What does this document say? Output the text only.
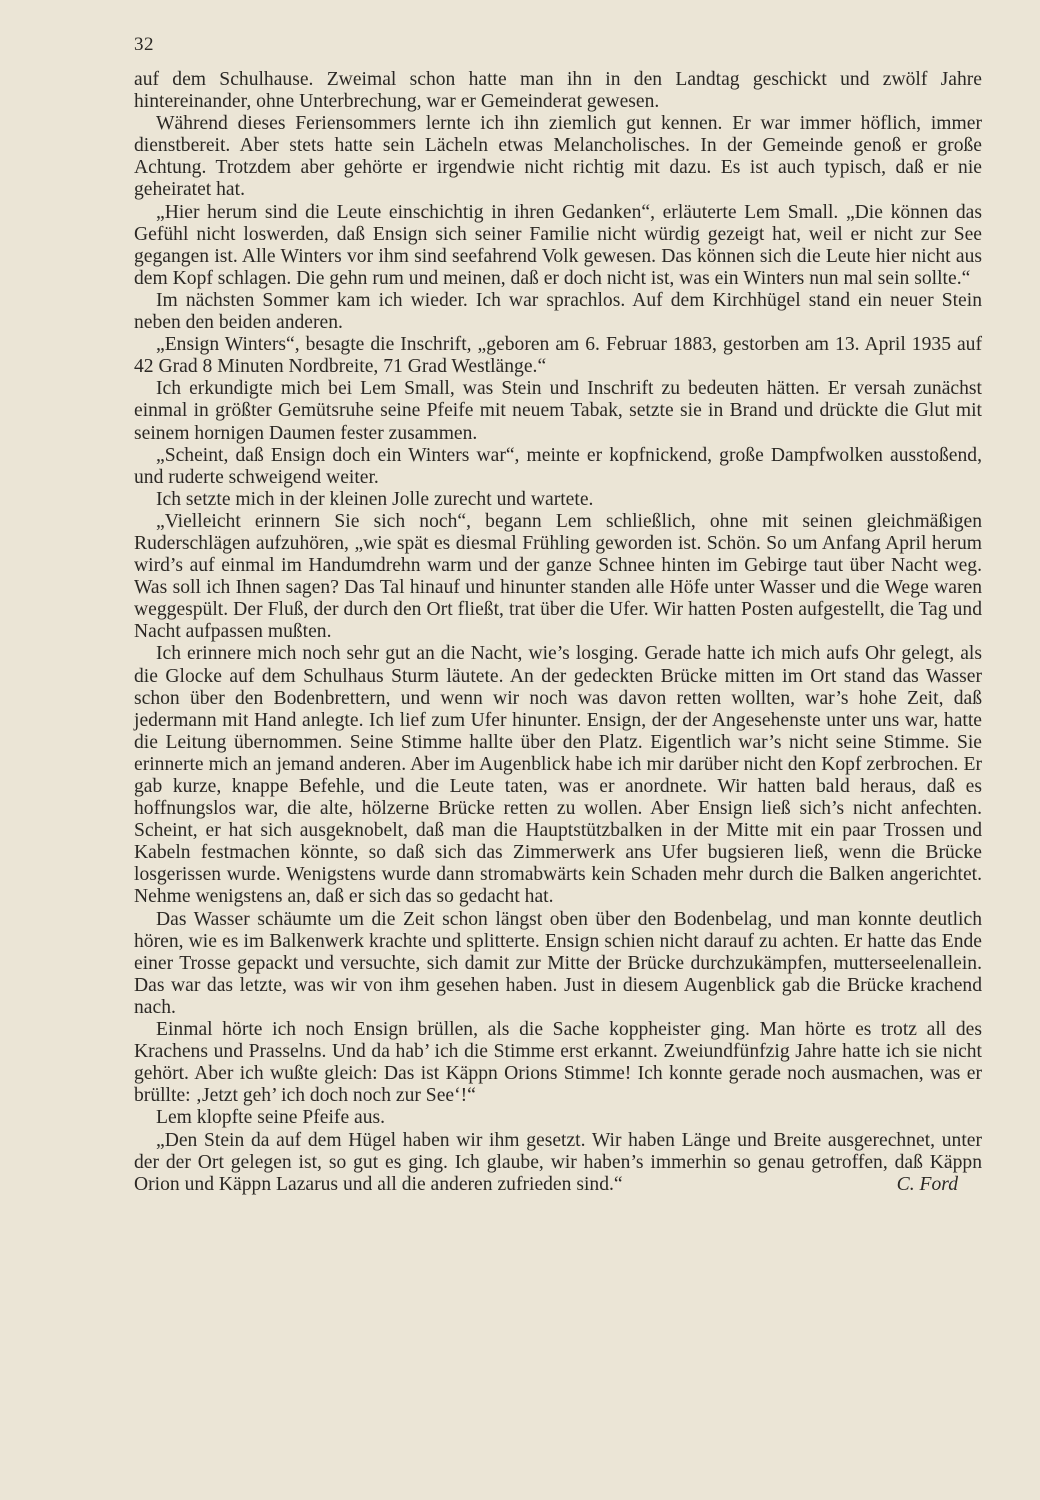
32

auf dem Schulhause. Zweimal schon hatte man ihn in den Landtag geschickt und zwölf Jahre hintereinander, ohne Unterbrechung, war er Gemeinderat gewesen.

Während dieses Feriensommers lernte ich ihn ziemlich gut kennen. Er war immer höflich, immer dienstbereit. Aber stets hatte sein Lächeln etwas Melancholisches. In der Gemeinde genoß er große Achtung. Trotzdem aber gehörte er irgendwie nicht richtig mit dazu. Es ist auch typisch, daß er nie geheiratet hat.

„Hier herum sind die Leute einschichtig in ihren Gedanken“, erläuterte Lem Small. „Die können das Gefühl nicht loswerden, daß Ensign sich seiner Familie nicht würdig gezeigt hat, weil er nicht zur See gegangen ist. Alle Winters vor ihm sind seefahrend Volk gewesen. Das können sich die Leute hier nicht aus dem Kopf schlagen. Die gehn rum und meinen, daß er doch nicht ist, was ein Winters nun mal sein sollte.“

Im nächsten Sommer kam ich wieder. Ich war sprachlos. Auf dem Kirchhügel stand ein neuer Stein neben den beiden anderen.

„Ensign Winters“, besagte die Inschrift, „geboren am 6. Februar 1883, gestorben am 13. April 1935 auf 42 Grad 8 Minuten Nordbreite, 71 Grad Westlänge.“

Ich erkundigte mich bei Lem Small, was Stein und Inschrift zu bedeuten hätten. Er versah zunächst einmal in größter Gemütsruhe seine Pfeife mit neuem Tabak, setzte sie in Brand und drückte die Glut mit seinem hornigen Daumen fester zusammen.

„Scheint, daß Ensign doch ein Winters war“, meinte er kopfnickend, große Dampfwolken ausstoßend, und ruderte schweigend weiter.

Ich setzte mich in der kleinen Jolle zurecht und wartete.

„Vielleicht erinnern Sie sich noch“, begann Lem schließlich, ohne mit seinen gleichmäßigen Ruderschlägen aufzuhören, „wie spät es diesmal Frühling geworden ist. Schön. So um Anfang April herum wird’s auf einmal im Handumdrehn warm und der ganze Schnee hinten im Gebirge taut über Nacht weg. Was soll ich Ihnen sagen? Das Tal hinauf und hinunter standen alle Höfe unter Wasser und die Wege waren weggespült. Der Fluß, der durch den Ort fließt, trat über die Ufer. Wir hatten Posten aufgestellt, die Tag und Nacht aufpassen mußten.

Ich erinnere mich noch sehr gut an die Nacht, wie’s losging. Gerade hatte ich mich aufs Ohr gelegt, als die Glocke auf dem Schulhaus Sturm läutete. An der gedeckten Brücke mitten im Ort stand das Wasser schon über den Bodenbrettern, und wenn wir noch was davon retten wollten, war’s hohe Zeit, daß jedermann mit Hand anlegte. Ich lief zum Ufer hinunter. Ensign, der der Angesehenste unter uns war, hatte die Leitung übernommen. Seine Stimme hallte über den Platz. Eigentlich war’s nicht seine Stimme. Sie erinnerte mich an jemand anderen. Aber im Augenblick habe ich mir darüber nicht den Kopf zerbrochen. Er gab kurze, knappe Befehle, und die Leute taten, was er anordnete. Wir hatten bald heraus, daß es hoffnungslos war, die alte, hölzerne Brücke retten zu wollen. Aber Ensign ließ sich’s nicht anfechten. Scheint, er hat sich ausgeknobelt, daß man die Hauptstützbalken in der Mitte mit ein paar Trossen und Kabeln festmachen könnte, so daß sich das Zimmerwerk ans Ufer bugsieren ließ, wenn die Brücke losgerissen wurde. Wenigstens wurde dann stromabwärts kein Schaden mehr durch die Balken angerichtet. Nehme wenigstens an, daß er sich das so gedacht hat.

Das Wasser schäumte um die Zeit schon längst oben über den Bodenbelag, und man konnte deutlich hören, wie es im Balkenwerk krachte und splitterte. Ensign schien nicht darauf zu achten. Er hatte das Ende einer Trosse gepackt und versuchte, sich damit zur Mitte der Brücke durchzukämpfen, mutterseelenallein. Das war das letzte, was wir von ihm gesehen haben. Just in diesem Augenblick gab die Brücke krachend nach.

Einmal hörte ich noch Ensign brüllen, als die Sache koppheister ging. Man hörte es trotz all des Krachens und Prasselns. Und da hab’ ich die Stimme erst erkannt. Zweiundfünfzig Jahre hatte ich sie nicht gehört. Aber ich wußte gleich: Das ist Käppn Orions Stimme! Ich konnte gerade noch ausmachen, was er brüllte: ‚Jetzt geh’ ich doch noch zur See‘!“

Lem klopfte seine Pfeife aus.

„Den Stein da auf dem Hügel haben wir ihm gesetzt. Wir haben Länge und Breite ausgerechnet, unter der der Ort gelegen ist, so gut es ging. Ich glaube, wir haben’s immerhin so genau getroffen, daß Käppn Orion und Käppn Lazarus und all die anderen zufrieden sind.“	C. Ford
